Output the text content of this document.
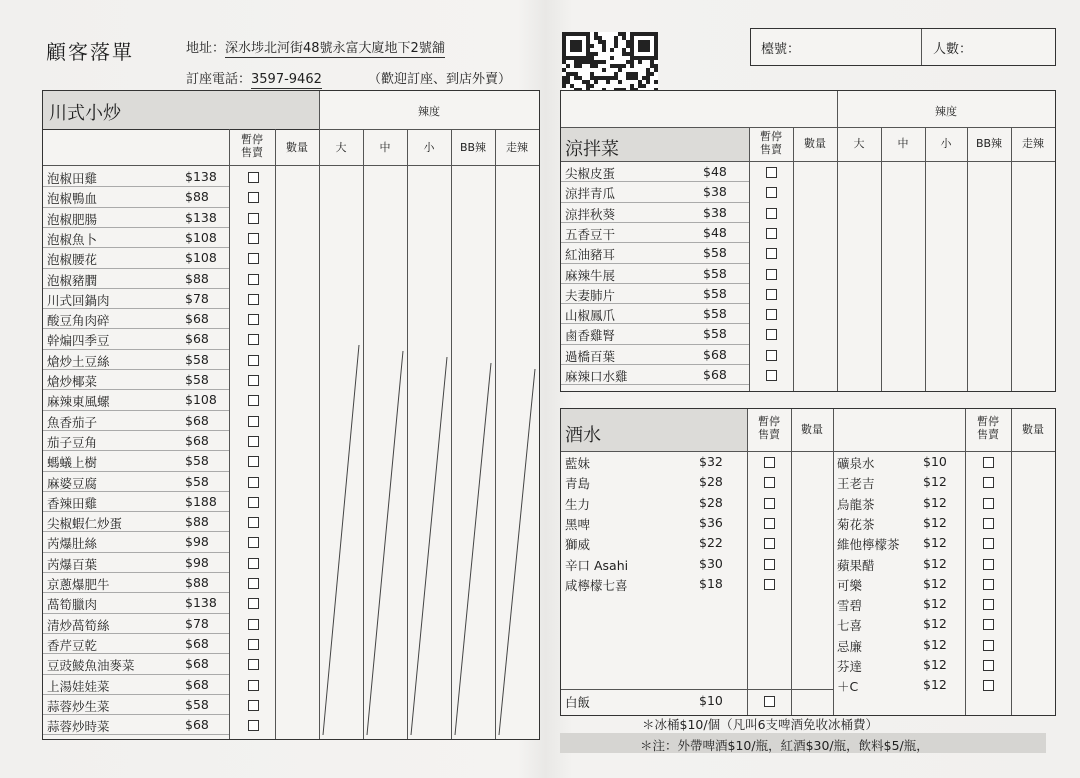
顧客落單	地址：深水埗北河街48號永富大廈地下2號舖
訂座電話：3597-9462	（歡迎訂座、到店外賣）
檯號：	人數：
川式小炒	辣度
暫停
售賣	數量	大	中	小	BB辣	走辣
泡椒田雞	$138
泡椒鴨血	$88
泡椒肥腸	$138
泡椒魚卜	$108
泡椒腰花	$108
泡椒豬膶	$88
川式回鍋肉	$78
酸豆角肉碎	$68
幹煸四季豆	$68
熗炒土豆絲	$58
熗炒椰菜	$58
麻辣東風螺	$108
魚香茄子	$68
茄子豆角	$68
螞蟻上樹	$58
麻婆豆腐	$58
香辣田雞	$188
尖椒蝦仁炒蛋	$88
芮爆肚絲	$98
芮爆百葉	$98
京蔥爆肥牛	$88
萵筍臘肉	$138
清炒萵筍絲	$78
香芹豆乾	$68
豆豉鯪魚油麥菜	$68
上湯娃娃菜	$68
蒜蓉炒生菜	$58
蒜蓉炒時菜	$68
涼拌菜
辣度
暫停
售賣	數量	大	中	小	BB辣	走辣
尖椒皮蛋	$48
涼拌青瓜	$38
涼拌秋葵	$38
五香豆干	$48
紅油豬耳	$58
麻辣牛展	$58
夫妻肺片	$58
山椒鳳爪	$58
鹵香雞腎	$58
過橋百葉	$68
麻辣口水雞	$68
酒水
暫停
售賣	數量
暫停
售賣	數量
藍妹	$32
青島	$28
生力	$28
黑啤	$36
獅威	$22
辛口 Asahi	$30
咸檸檬七喜	$18
白飯	$10
礦泉水	$10
王老吉	$12
烏龍茶	$12
菊花茶	$12
維他檸檬茶 $12
蘋果醋	$12
可樂	$12
雪碧	$12
七喜	$12
忌廉	$12
芬達	$12
＋C	$12
＊冰桶$10/個（凡叫6支啤酒免收冰桶費）
＊注：外帶啤酒$10/瓶，紅酒$30/瓶，飲料$5/瓶，
